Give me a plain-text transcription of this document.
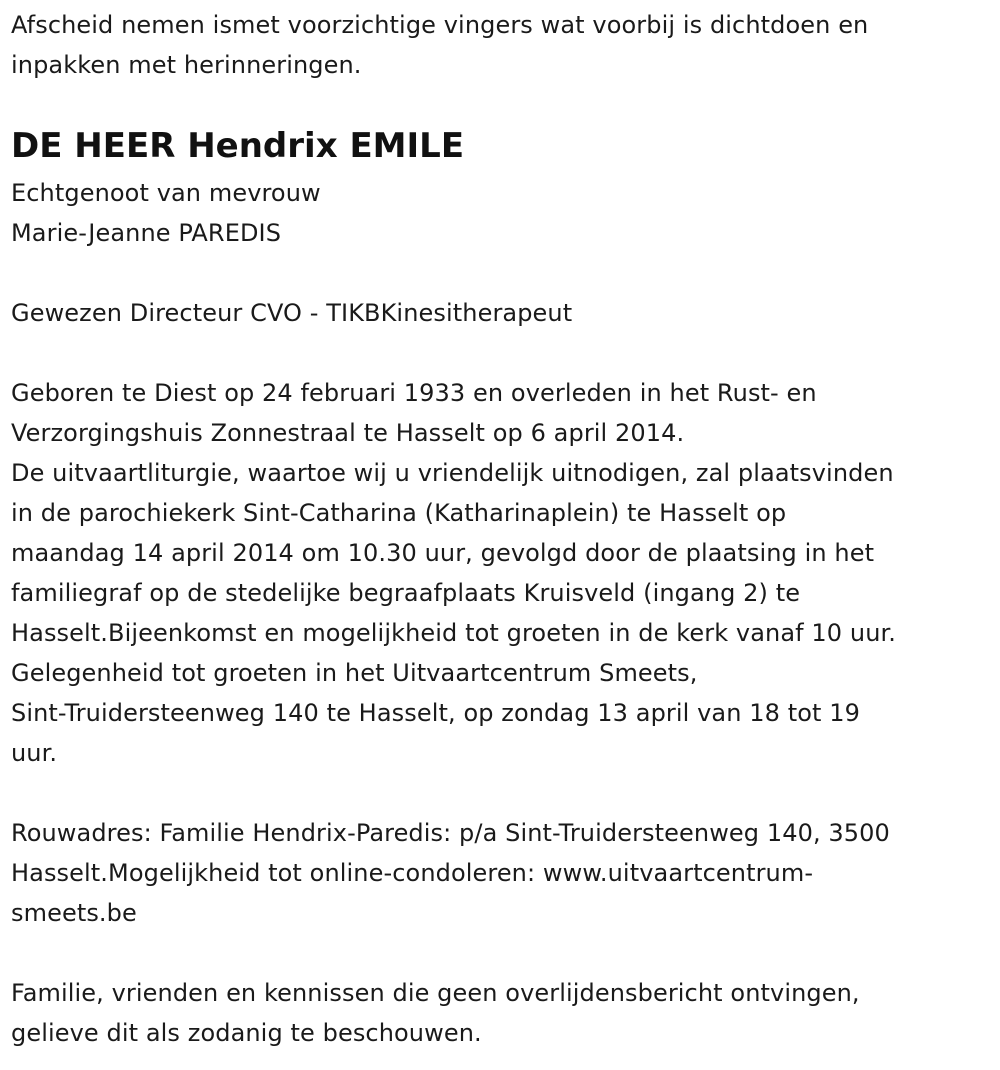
Afscheid nemen ismet voorzichtige vingers wat voorbij is dichtdoen en
inpakken met herinneringen.
DE HEER Hendrix EMILE
Echtgenoot van mevrouw
Marie-Jeanne PAREDIS
Gewezen Directeur CVO - TIKBKinesitherapeut
Geboren te Diest op 24 februari 1933 en overleden in het Rust- en
Verzorgingshuis Zonnestraal te Hasselt op 6 april 2014.
De uitvaartliturgie, waartoe wij u vriendelijk uitnodigen, zal plaatsvinden
in de parochiekerk Sint-Catharina (Katharinaplein) te Hasselt op
maandag 14 april 2014 om 10.30 uur, gevolgd door de plaatsing in het
familiegraf op de stedelijke begraafplaats Kruisveld (ingang 2) te
Hasselt.Bijeenkomst en mogelijkheid tot groeten in de kerk vanaf 10 uur.
Gelegenheid tot groeten in het Uitvaartcentrum Smeets,
Sint-Truidersteenweg 140 te Hasselt, op zondag 13 april van 18 tot 19
uur.
Rouwadres: Familie Hendrix-Paredis: p/a Sint-Truidersteenweg 140, 3500
Hasselt.Mogelijkheid tot online-condoleren: www.uitvaartcentrum-
smeets.be
Familie, vrienden en kennissen die geen overlijdensbericht ontvingen,
gelieve dit als zodanig te beschouwen.
